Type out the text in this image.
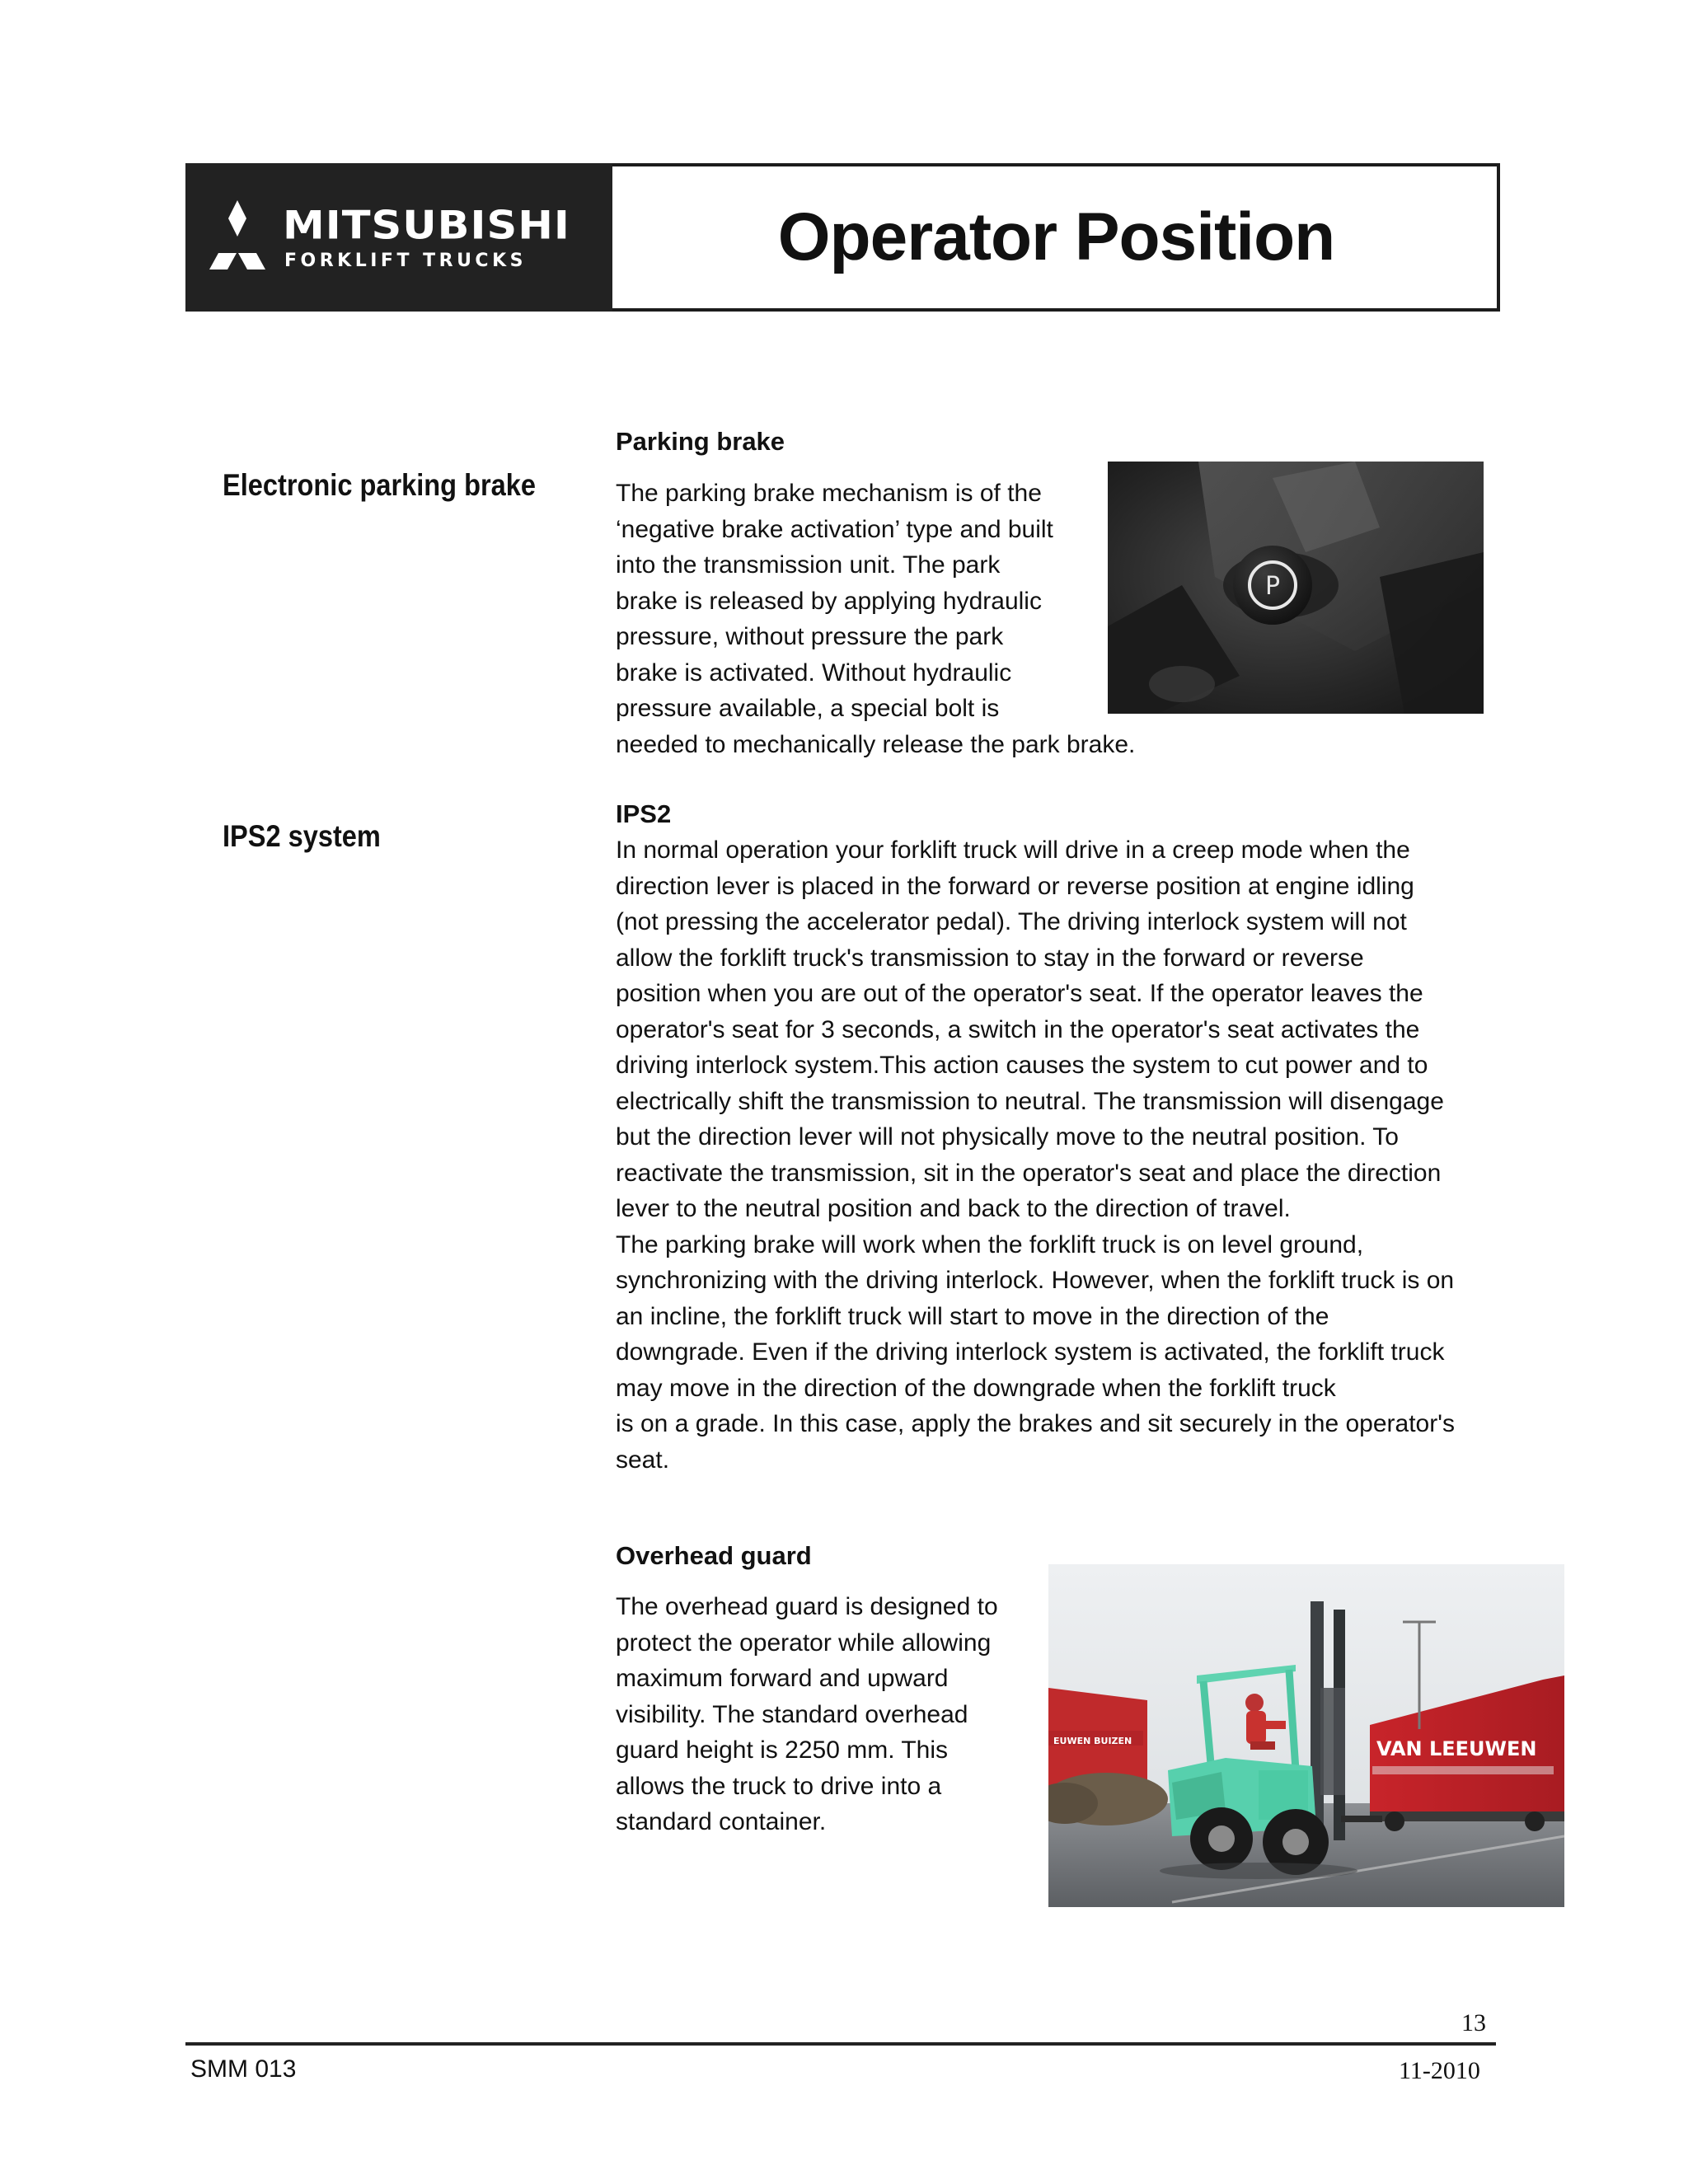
MITSUBISHI
FORKLIFT TRUCKS	Operator Position
Electronic parking brake
Parking brake

The parking brake mechanism is of the

‘negative brake activation’ type and built

into the transmission unit. The park

brake is released by applying hydraulic

pressure, without pressure the park

brake is activated. Without hydraulic

pressure available, a special bolt is

needed to mechanically release the park brake.

P
IPS2 system
IPS2

In normal operation your forklift truck will drive in a creep mode when the

direction lever is placed in the forward or reverse position at engine idling

(not pressing the accelerator pedal). The driving interlock system will not

allow the forklift truck's transmission to stay in the forward or reverse

position when you are out of the operator's seat. If the operator leaves the

operator's seat for 3 seconds, a switch in the operator's seat activates the

driving interlock system.This action causes the system to cut power and to

electrically shift the transmission to neutral. The transmission will disengage

but the direction lever will not physically move to the neutral position. To

reactivate the transmission, sit in the operator's seat and place the direction

lever to the neutral position and back to the direction of travel.

The parking brake will work when the forklift truck is on level ground,

synchronizing with the driving interlock. However, when the forklift truck is on

an incline, the forklift truck will start to move in the direction of the

downgrade. Even if the driving interlock system is activated, the forklift truck

may move in the direction of the downgrade when the forklift truck

is on a grade. In this case, apply the brakes and sit securely in the operator's

seat.

Overhead guard

The overhead guard is designed to

protect the operator while allowing

maximum forward and upward

visibility. The standard overhead

guard height is 2250 mm. This

allows the truck to drive into a

standard container.

EUWEN BUIZEN	VAN LEEUWEN
13
SMM 013	11-2010
